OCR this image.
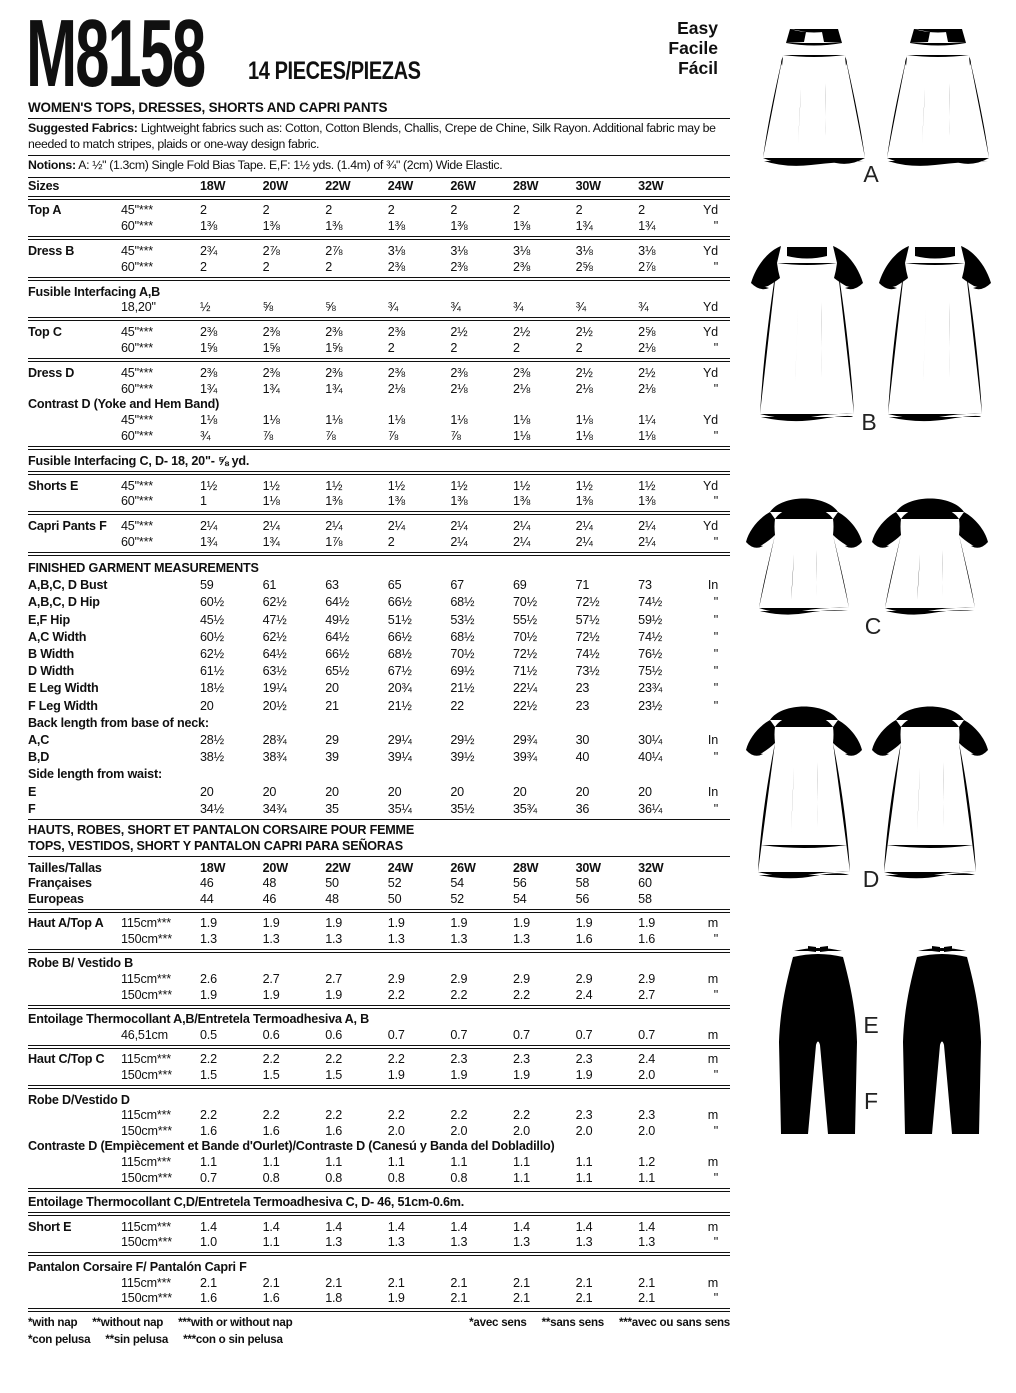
M8158 14 PIECES/PIEZAS
Easy
Facile
Fácil
WOMEN'S TOPS, DRESSES, SHORTS AND CAPRI PANTS
Suggested Fabrics: Lightweight fabrics such as: Cotton, Cotton Blends, Challis, Crepe de Chine, Silk Rayon. Additional fabric may be needed to match stripes, plaids or one-way design fabric.
Notions: A: ½" (1.3cm) Single Fold Bias Tape. E,F: 1½ yds. (1.4m) of ¾" (2cm) Wide Elastic.
Sizes	18W	20W	22W	24W	26W	28W	30W	32W
Top A	45"***	2	2	2	2	2	2	2	2	Yd
60"***	1⅜	1⅜	1⅜	1⅜	1⅜	1⅜	1¾	1¾	"
Dress B	45"***	2¾	2⅞	2⅞	3⅛	3⅛	3⅛	3⅛	3⅛	Yd
60"***	2	2	2	2⅜	2⅜	2⅜	2⅝	2⅞	"
Fusible Interfacing A,B
18,20"	½	⅝	⅝	¾	¾	¾	¾	¾	Yd
Top C	45"***	2⅜	2⅜	2⅜	2⅜	2½	2½	2½	2⅝	Yd
60"***	1⅝	1⅝	1⅝	2	2	2	2	2⅛	"
Dress D	45"***	2⅜	2⅜	2⅜	2⅜	2⅜	2⅜	2½	2½	Yd
60"***	1¾	1¾	1¾	2⅛	2⅛	2⅛	2⅛	2⅛	"
Contrast D (Yoke and Hem Band)
45"***	1⅛	1⅛	1⅛	1⅛	1⅛	1⅛	1⅛	1¼	Yd
60"***	¾	⅞	⅞	⅞	⅞	1⅛	1⅛	1⅛	"
Fusible Interfacing C, D- 18, 20"- ⅝ yd.
Shorts E	45"***	1½	1½	1½	1½	1½	1½	1½	1½	Yd
60"***	1	1⅛	1⅜	1⅜	1⅜	1⅜	1⅜	1⅜	"
Capri Pants F	45"***	2¼	2¼	2¼	2¼	2¼	2¼	2¼	2¼	Yd
60"***	1¾	1¾	1⅞	2	2¼	2¼	2¼	2¼	"
FINISHED GARMENT MEASUREMENTS
A,B,C, D Bust	59	61	63	65	67	69	71	73	In
A,B,C, D Hip	60½	62½	64½	66½	68½	70½	72½	74½	"
E,F Hip	45½	47½	49½	51½	53½	55½	57½	59½	"
A,C Width	60½	62½	64½	66½	68½	70½	72½	74½	"
B Width	62½	64½	66½	68½	70½	72½	74½	76½	"
D Width	61½	63½	65½	67½	69½	71½	73½	75½	"
E Leg Width	18½	19¼	20	20¾	21½	22¼	23	23¾	"
F Leg Width	20	20½	21	21½	22	22½	23	23½	"
Back length from base of neck:
A,C	28½	28¾	29	29¼	29½	29¾	30	30¼	In
B,D	38½	38¾	39	39¼	39½	39¾	40	40¼	"
Side length from waist:
E	20	20	20	20	20	20	20	20	In
F	34½	34¾	35	35¼	35½	35¾	36	36¼	"
HAUTS, ROBES, SHORT ET PANTALON CORSAIRE POUR FEMME
TOPS, VESTIDOS, SHORT Y PANTALON CAPRI PARA SEÑORAS
Tailles/Tallas	18W	20W	22W	24W	26W	28W	30W	32W
Françaises	46	48	50	52	54	56	58	60
Europeas	44	46	48	50	52	54	56	58
Haut A/Top A	115cm***	1.9	1.9	1.9	1.9	1.9	1.9	1.9	1.9	m
150cm***	1.3	1.3	1.3	1.3	1.3	1.3	1.6	1.6	"
Robe B/ Vestido B
115cm***	2.6	2.7	2.7	2.9	2.9	2.9	2.9	2.9	m
150cm***	1.9	1.9	1.9	2.2	2.2	2.2	2.4	2.7	"
Entoilage Thermocollant A,B/Entretela Termoadhesiva A, B
46,51cm	0.5	0.6	0.6	0.7	0.7	0.7	0.7	0.7	m
Haut C/Top C	115cm***	2.2	2.2	2.2	2.2	2.3	2.3	2.3	2.4	m
150cm***	1.5	1.5	1.5	1.9	1.9	1.9	1.9	2.0	"
Robe D/Vestido D
115cm***	2.2	2.2	2.2	2.2	2.2	2.2	2.3	2.3	m
150cm***	1.6	1.6	1.6	2.0	2.0	2.0	2.0	2.0	"
Contraste D (Empiècement et Bande d'Ourlet)/Contraste D (Canesú y Banda del Dobladillo)
115cm***	1.1	1.1	1.1	1.1	1.1	1.1	1.1	1.2	m
150cm***	0.7	0.8	0.8	0.8	0.8	1.1	1.1	1.1	"
Entoilage Thermocollant C,D/Entretela Termoadhesiva C, D- 46, 51cm-0.6m.
Short E	115cm***	1.4	1.4	1.4	1.4	1.4	1.4	1.4	1.4	m
150cm***	1.0	1.1	1.3	1.3	1.3	1.3	1.3	1.3	"
Pantalon Corsaire F/ Pantalón Capri F
115cm***	2.1	2.1	2.1	2.1	2.1	2.1	2.1	2.1	m
150cm***	1.6	1.6	1.8	1.9	2.1	2.1	2.1	2.1	"
*with nap **without nap ***with or without nap	*avec sens **sans sens ***avec ou sans sens
*con pelusa **sin pelusa ***con o sin pelusa
A
B
C
D
E
F
